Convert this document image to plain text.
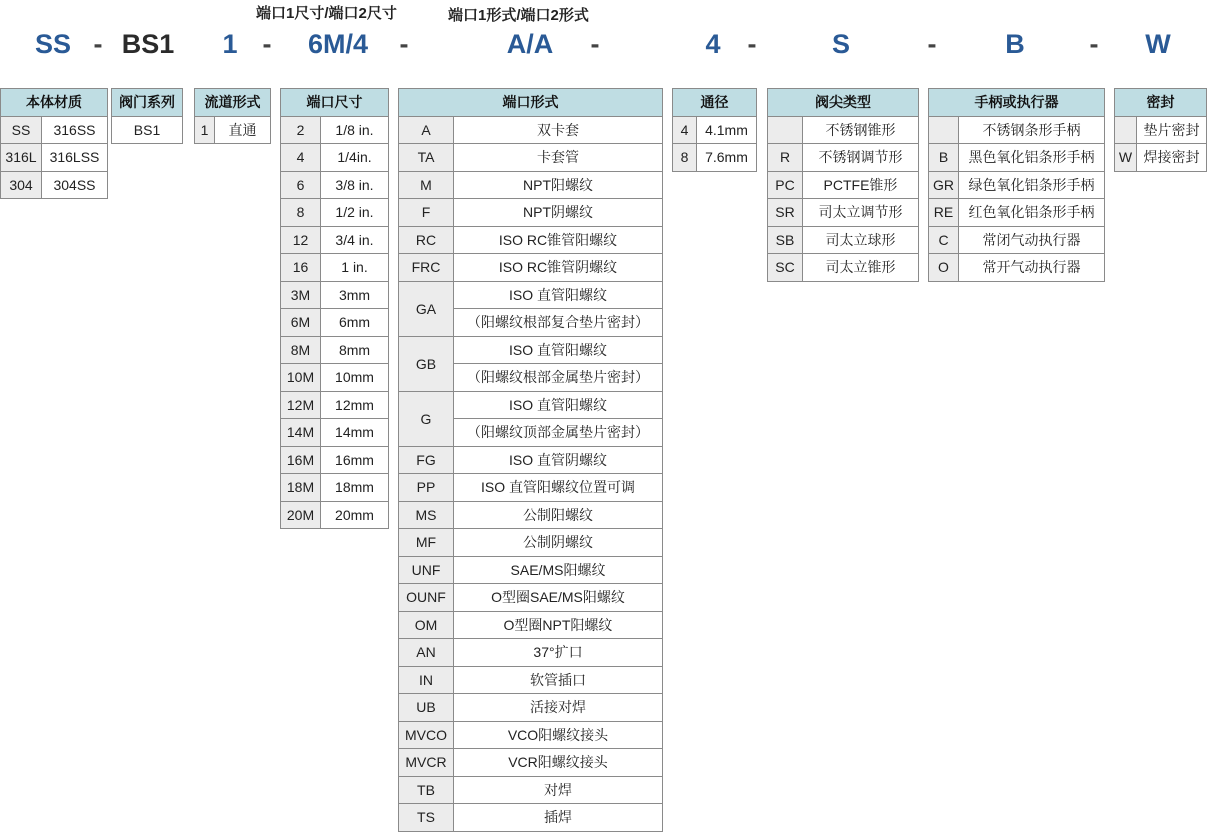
端口1尺寸/端口2尺寸	端口1形式/端口2形式
SS - BS1 1 -	6M/4	-	A/A	-	4 -	S	-	B - W
本体材质	
SS	316SS
316L	316LSS
304	304SS
阀门系列
BS1
流道形式
1	直通
端口尺寸	
2	1/8 in.
4	1/4in.
6	3/8 in.
8	1/2 in.
12	3/4 in.
16	1 in.
3M	3mm
6M	6mm
8M	8mm
10M	10mm
12M	12mm
14M	14mm
16M	16mm
18M	18mm
20M	20mm
端口形式	
A	双卡套
TA	卡套管
M	NPT阳螺纹
F	NPT阴螺纹
RC	ISO RC锥管阳螺纹
FRC	ISO RC锥管阴螺纹
GA	ISO 直管阳螺纹
	（阳螺纹根部复合垫片密封）
GB	ISO 直管阳螺纹
	（阳螺纹根部金属垫片密封）
G	ISO 直管阳螺纹
	（阳螺纹顶部金属垫片密封）
FG	ISO 直管阴螺纹
PP	ISO 直管阳螺纹位置可调
MS	公制阳螺纹
MF	公制阴螺纹
UNF	SAE/MS阳螺纹
OUNF	O型圈SAE/MS阳螺纹
OM	O型圈NPT阳螺纹
AN	37°扩口
IN	软管插口
UB	活接对焊
MVCO	VCO阳螺纹接头
MVCR	VCR阳螺纹接头
TB	对焊
TS	插焊
通径	
4	4.1mm
8	7.6mm
阀尖类型	
	不锈钢锥形
R	不锈钢调节形
PC	PCTFE锥形
SR	司太立调节形
SB	司太立球形
SC	司太立锥形
手柄或执行器	
	不锈钢条形手柄
B	黑色氧化铝条形手柄
GR	绿色氧化铝条形手柄
RE	红色氧化铝条形手柄
C	常闭气动执行器
O	常开气动执行器
密封	
	垫片密封
W	焊接密封
